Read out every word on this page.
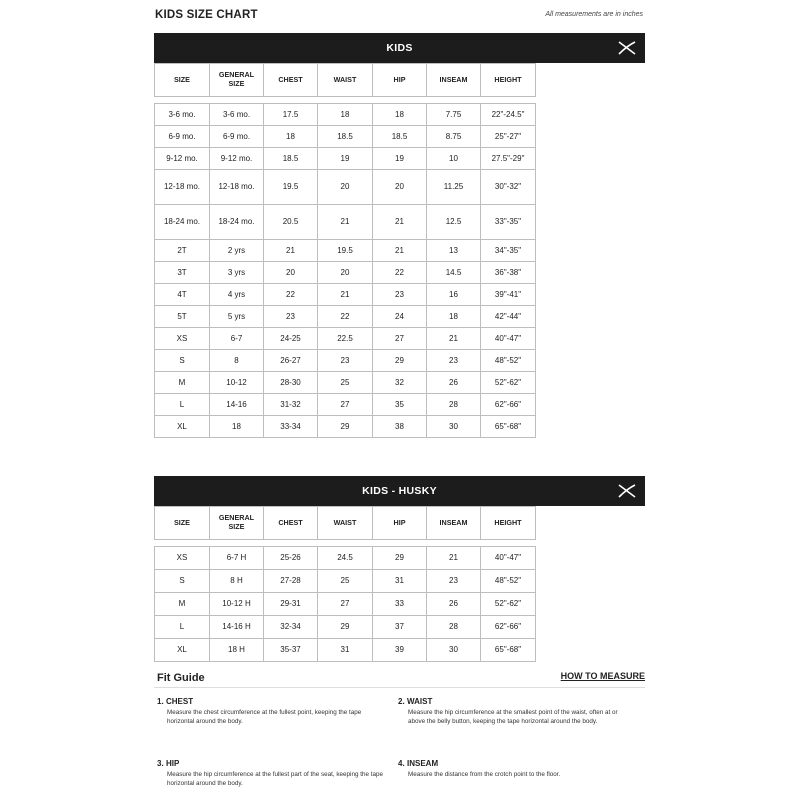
KIDS SIZE CHART	All measurements are in inches
KIDS
SIZE	GENERAL SIZE	CHEST	WAIST	HIP	INSEAM	HEIGHT

3-6 mo.	3-6 mo.	17.5	18	18	7.75	22"-24.5"
6-9 mo.	6-9 mo.	18	18.5	18.5	8.75	25"-27"
9-12 mo.	9-12 mo.	18.5	19	19	10	27.5"-29"
12-18 mo.	12-18 mo.	19.5	20	20	11.25	30"-32"
18-24 mo.	18-24 mo.	20.5	21	21	12.5	33"-35"
2T	2 yrs	21	19.5	21	13	34"-35"
3T	3 yrs	20	20	22	14.5	36"-38"
4T	4 yrs	22	21	23	16	39"-41"
5T	5 yrs	23	22	24	18	42"-44"
XS	6-7	24-25	22.5	27	21	40"-47"
S	8	26-27	23	29	23	48"-52"
M	10-12	28-30	25	32	26	52"-62"
L	14-16	31-32	27	35	28	62"-66"
XL	18	33-34	29	38	30	65"-68"
KIDS - HUSKY
SIZE	GENERAL SIZE	CHEST	WAIST	HIP	INSEAM	HEIGHT

XS	6-7 H	25-26	24.5	29	21	40"-47"
S	8 H	27-28	25	31	23	48"-52"
M	10-12 H	29-31	27	33	26	52"-62"
L	14-16 H	32-34	29	37	28	62"-66"
XL	18 H	35-37	31	39	30	65"-68"
Fit Guide	HOW TO MEASURE
1. CHEST
Measure the chest circumference at the fullest point, keeping the tape horizontal around the body.
2. WAIST
Measure the hip circumference at the smallest point of the waist, often at or above the belly button, keeping the tape horizontal around the body.
3. HIP
Measure the hip circumference at the fullest part of the seat, keeping the tape horizontal around the body.
4. INSEAM
Measure the distance from the crotch point to the floor.
